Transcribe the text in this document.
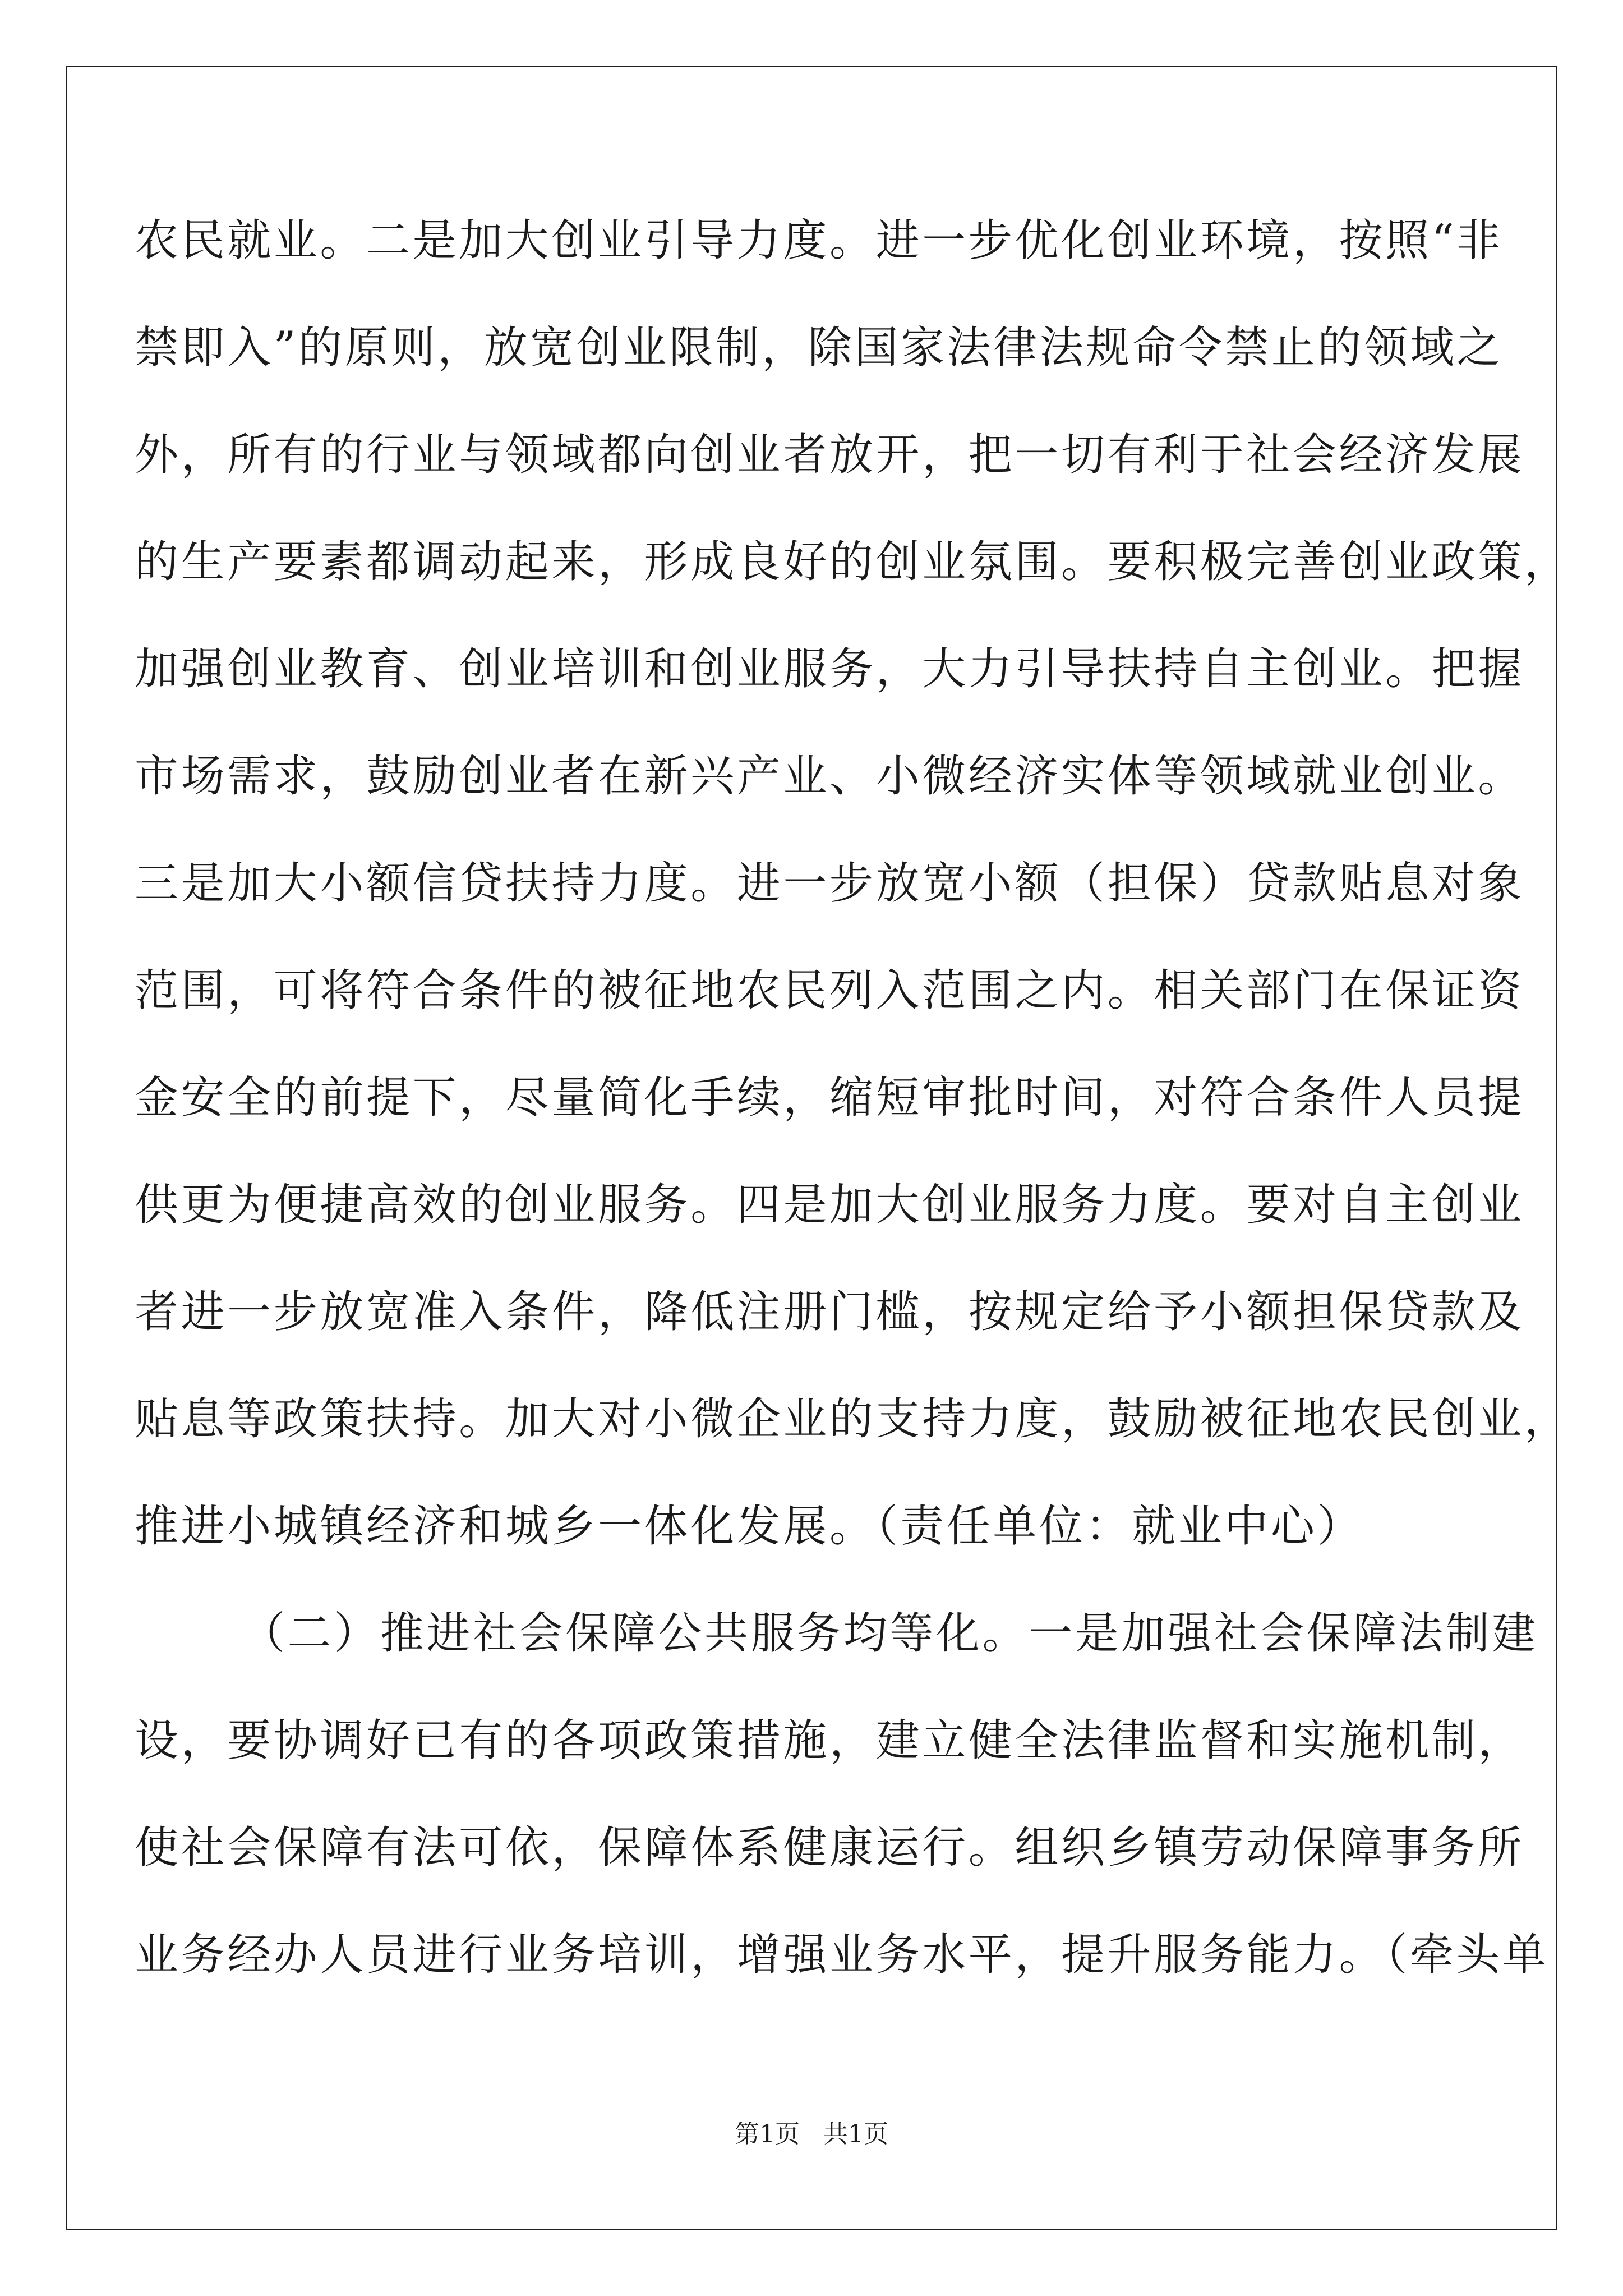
农民就业。二是加大创业引导力度。进一步优化创业环境，按照“非
禁即入”的原则，放宽创业限制，除国家法律法规命令禁止的领域之
外，所有的行业与领域都向创业者放开，把一切有利于社会经济发展
的生产要素都调动起来，形成良好的创业氛围。要积极完善创业政策，
加强创业教育、创业培训和创业服务，大力引导扶持自主创业。把握
市场需求，鼓励创业者在新兴产业、小微经济实体等领域就业创业。
三是加大小额信贷扶持力度。进一步放宽小额（担保）贷款贴息对象
范围，可将符合条件的被征地农民列入范围之内。相关部门在保证资
金安全的前提下，尽量简化手续，缩短审批时间，对符合条件人员提
供更为便捷高效的创业服务。四是加大创业服务力度。要对自主创业
者进一步放宽准入条件，降低注册门槛，按规定给予小额担保贷款及
贴息等政策扶持。加大对小微企业的支持力度，鼓励被征地农民创业，
推进小城镇经济和城乡一体化发展。（责任单位：就业中心）
（二）推进社会保障公共服务均等化。一是加强社会保障法制建
设，要协调好已有的各项政策措施，建立健全法律监督和实施机制，
使社会保障有法可依，保障体系健康运行。组织乡镇劳动保障事务所
业务经办人员进行业务培训，增强业务水平，提升服务能力。（牵头单
第1页   共1页
